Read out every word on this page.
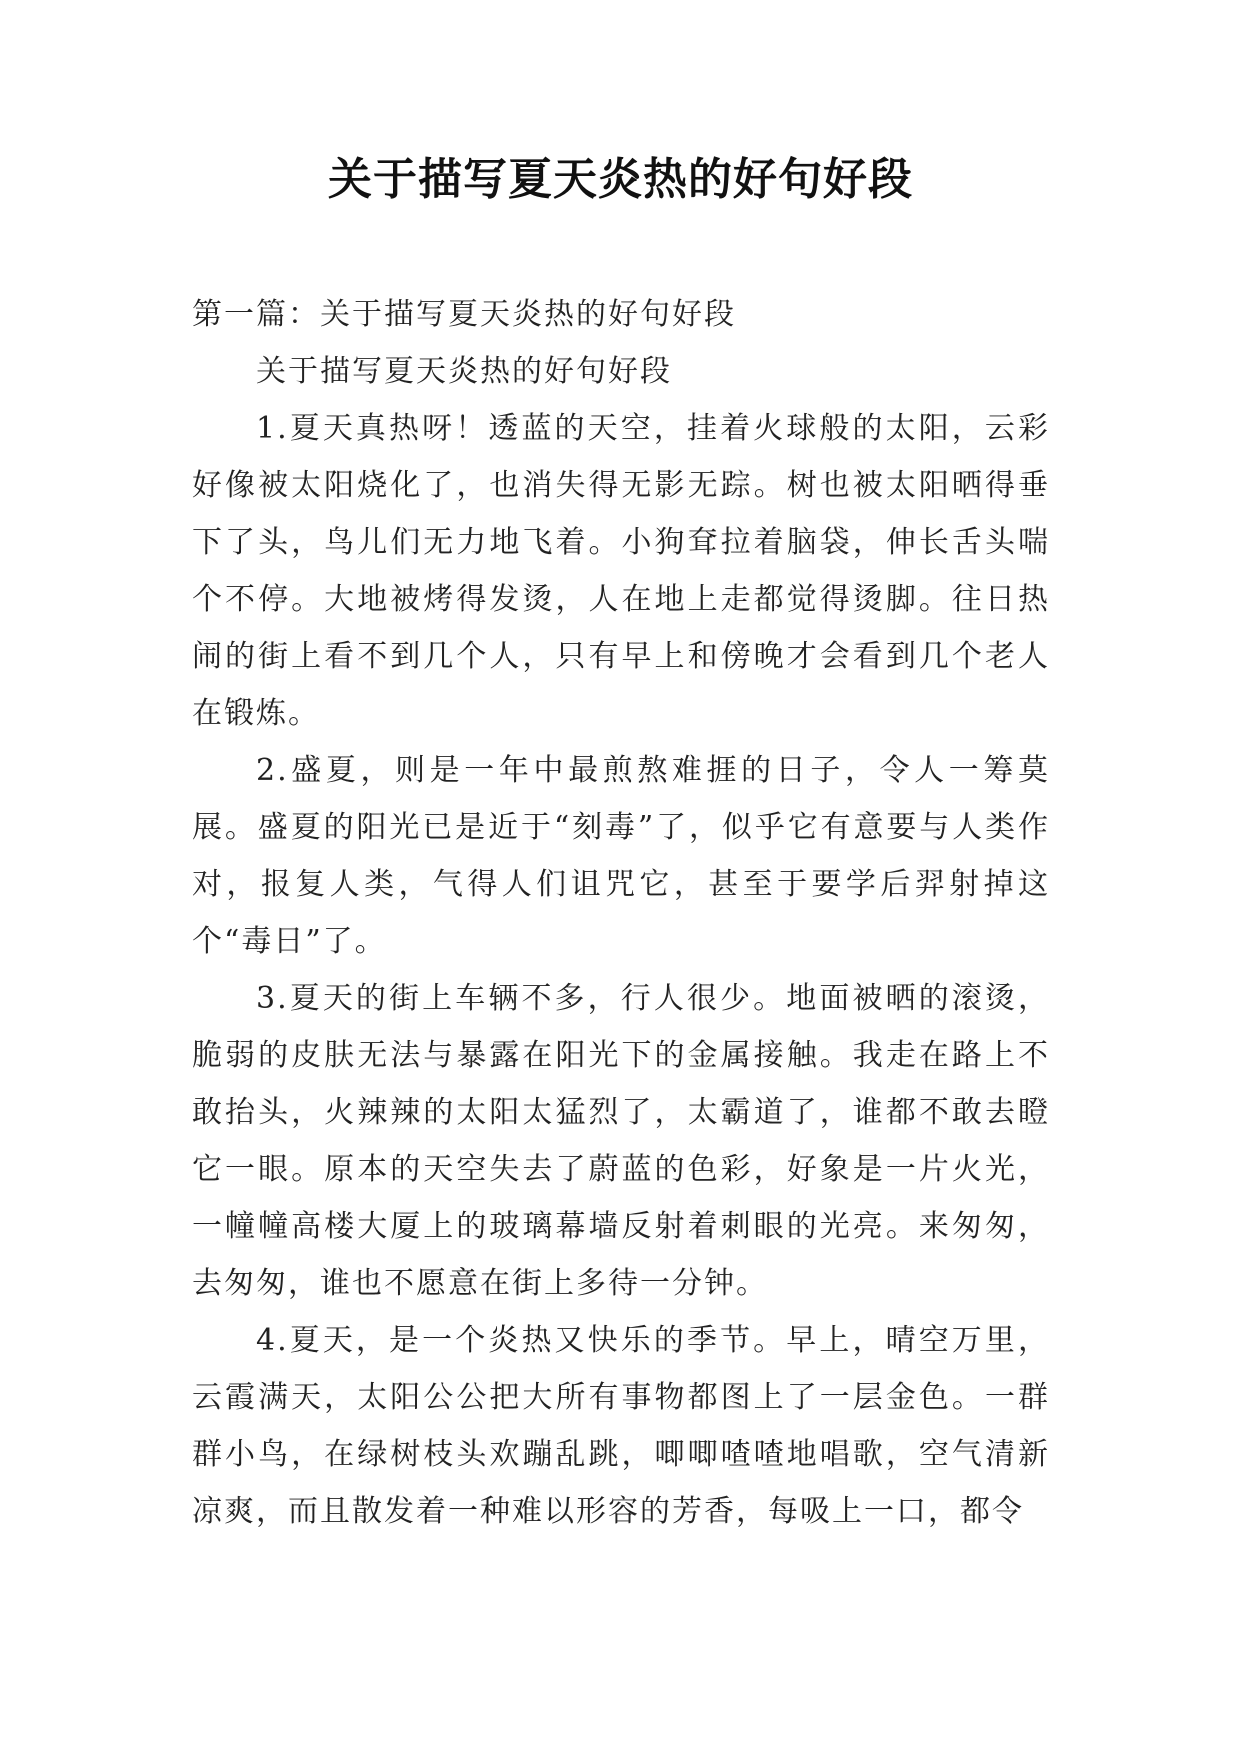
关于描写夏天炎热的好句好段

第一篇：关于描写夏天炎热的好句好段

关于描写夏天炎热的好句好段

1.夏天真热呀！透蓝的天空，挂着火球般的太阳，云彩好像被太阳烧化了，也消失得无影无踪。树也被太阳晒得垂下了头，鸟儿们无力地飞着。小狗耷拉着脑袋，伸长舌头喘个不停。大地被烤得发烫，人在地上走都觉得烫脚。往日热闹的街上看不到几个人，只有早上和傍晚才会看到几个老人在锻炼。

2.盛夏，则是一年中最煎熬难捱的日子，令人一筹莫展。盛夏的阳光已是近于“刻毒”了，似乎它有意要与人类作对，报复人类，气得人们诅咒它，甚至于要学后羿射掉这个“毒日”了。

3.夏天的街上车辆不多，行人很少。地面被晒的滚烫，脆弱的皮肤无法与暴露在阳光下的金属接触。我走在路上不敢抬头，火辣辣的太阳太猛烈了，太霸道了，谁都不敢去瞪它一眼。原本的天空失去了蔚蓝的色彩，好象是一片火光，一幢幢高楼大厦上的玻璃幕墙反射着刺眼的光亮。来匆匆，去匆匆，谁也不愿意在街上多待一分钟。

4.夏天，是一个炎热又快乐的季节。早上，晴空万里，云霞满天，太阳公公把大所有事物都图上了一层金色。一群群小鸟，在绿树枝头欢蹦乱跳，唧唧喳喳地唱歌，空气清新凉爽，而且散发着一种难以形容的芳香，每吸上一口，都令
